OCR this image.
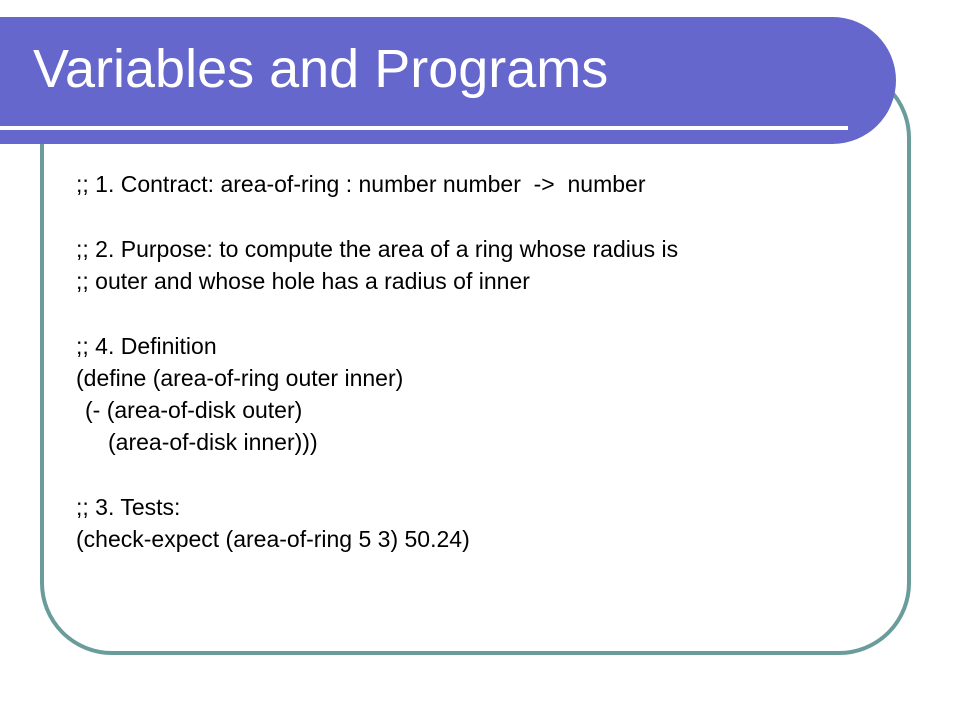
Variables and Programs
;; 1. Contract: area-of-ring : number number  ->  number
;; 2. Purpose: to compute the area of a ring whose radius is
;; outer and whose hole has a radius of inner
;; 4. Definition
(define (area-of-ring outer inner)
(- (area-of-disk outer)
(area-of-disk inner)))
;; 3. Tests:
(check-expect (area-of-ring 5 3) 50.24)
